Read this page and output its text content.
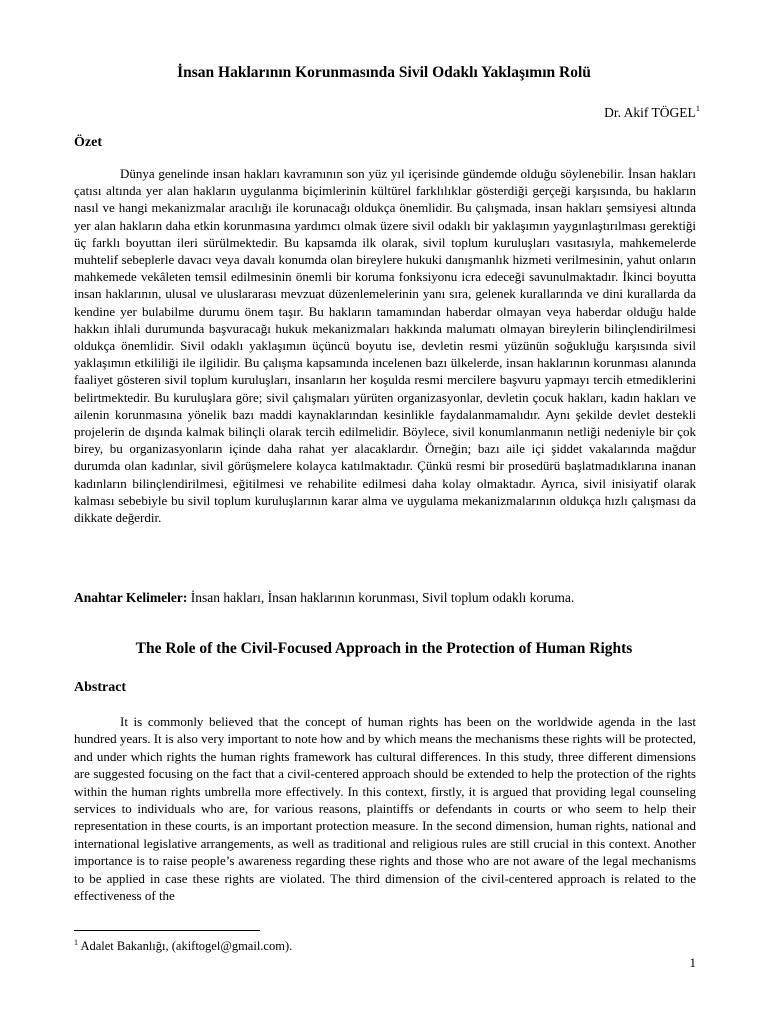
İnsan Haklarının Korunmasında Sivil Odaklı Yaklaşımın Rolü

Dr. Akif TÖGEL$^1$

Özet

Dünya genelinde insan hakları kavramının son yüz yıl içerisinde gündemde olduğu söylenebilir. İnsan hakları çatısı altında yer alan hakların uygulanma biçimlerinin kültürel farklılıklar gösterdiği gerçeği karşısında, bu hakların nasıl ve hangi mekanizmalar aracılığı ile korunacağı oldukça önemlidir. Bu çalışmada, insan hakları şemsiyesi altında yer alan hakların daha etkin korunmasına yardımcı olmak üzere sivil odaklı bir yaklaşımın yaygınlaştırılması gerektiği üç farklı boyuttan ileri sürülmektedir. Bu kapsamda ilk olarak, sivil toplum kuruluşları vasıtasıyla, mahkemelerde muhtelif sebeplerle davacı veya davalı konumda olan bireylere hukuki danışmanlık hizmeti verilmesinin, yahut onların mahkemede vekâleten temsil edilmesinin önemli bir koruma fonksiyonu icra edeceği savunulmaktadır. İkinci boyutta insan haklarının, ulusal ve uluslararası mevzuat düzenlemelerinin yanı sıra, gelenek kurallarında ve dini kurallarda da kendine yer bulabilme durumu önem taşır. Bu hakların tamamından haberdar olmayan veya haberdar olduğu halde hakkın ihlali durumunda başvuracağı hukuk mekanizmaları hakkında malumatı olmayan bireylerin bilinçlendirilmesi oldukça önemlidir. Sivil odaklı yaklaşımın üçüncü boyutu ise, devletin resmi yüzünün soğukluğu karşısında sivil yaklaşımın etkililiği ile ilgilidir. Bu çalışma kapsamında incelenen bazı ülkelerde, insan haklarının korunması alanında faaliyet gösteren sivil toplum kuruluşları, insanların her koşulda resmi mercilere başvuru yapmayı tercih etmediklerini belirtmektedir. Bu kuruluşlara göre; sivil çalışmaları yürüten organizasyonlar, devletin çocuk hakları, kadın hakları ve ailenin korunmasına yönelik bazı maddi kaynaklarından kesinlikle faydalanmamalıdır. Aynı şekilde devlet destekli projelerin de dışında kalmak bilinçli olarak tercih edilmelidir. Böylece, sivil konumlanmanın netliği nedeniyle bir çok birey, bu organizasyonların içinde daha rahat yer alacaklardır. Örneğin; bazı aile içi şiddet vakalarında mağdur durumda olan kadınlar, sivil görüşmelere kolayca katılmaktadır. Çünkü resmi bir prosedürü başlatmadıklarına inanan kadınların bilinçlendirilmesi, eğitilmesi ve rehabilite edilmesi daha kolay olmaktadır. Ayrıca, sivil inisiyatif olarak kalması sebebiyle bu sivil toplum kuruluşlarının karar alma ve uygulama mekanizmalarının oldukça hızlı çalışması da dikkate değerdir.

Anahtar Kelimeler: İnsan hakları, İnsan haklarının korunması, Sivil toplum odaklı koruma.

The Role of the Civil-Focused Approach in the Protection of Human Rights
Abstract

It is commonly believed that the concept of human rights has been on the worldwide agenda in the last hundred years. It is also very important to note how and by which means the mechanisms these rights will be protected, and under which rights the human rights framework has cultural differences. In this study, three different dimensions are suggested focusing on the fact that a civil-centered approach should be extended to help the protection of the rights within the human rights umbrella more effectively. In this context, firstly, it is argued that providing legal counseling services to individuals who are, for various reasons, plaintiffs or defendants in courts or who seem to help their representation in these courts, is an important protection measure. In the second dimension, human rights, national and international legislative arrangements, as well as traditional and religious rules are still crucial in this context. Another importance is to raise people’s awareness regarding these rights and those who are not aware of the legal mechanisms to be applied in case these rights are violated. The third dimension of the civil-centered approach is related to the effectiveness of the

$^1$ Adalet Bakanlığı, (akiftogel@gmail.com).

1
